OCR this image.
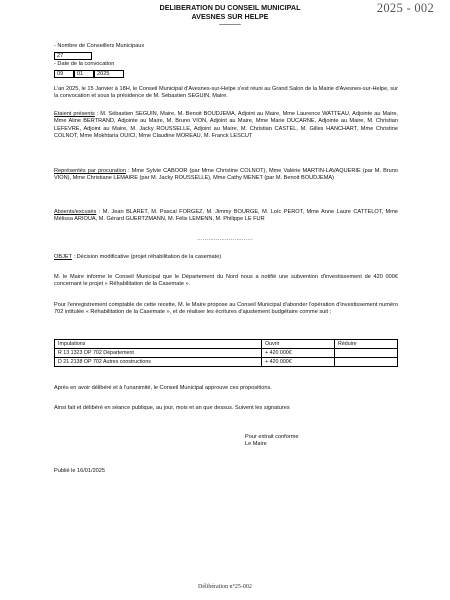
DELIBERATION DU CONSEIL MUNICIPAL
AVESNES SUR HELPE
———
2025 - 002
- Nombre de Conseillers Municipaux
27
- Date de la convocation
09	01	2025
L'an 2025, le 15 Janvier à 18H, le Conseil Municipal d'Avesnes-sur-Helpe s'est réuni au Grand Salon de la Mairie d'Avesnes-sur-Helpe, sur la convocation et sous la présidence de M. Sébastien SEGUIN, Maire.
Etaient présents : M. Sébastien SEGUIN, Maire, M. Benoit BOUDJEMA, Adjoint au Maire, Mme Laurence WATTEAU, Adjointe au Maire, Mme Aline BERTRAND, Adjointe au Maire, M. Bruno VION, Adjoint au Maire, Mme Marie DUCARNE, Adjointe au Maire, M. Christian LEFEVRE, Adjoint au Maire, M. Jacky ROUSSELLE, Adjoint au Maire, M. Christian CASTEL, M. Gilles HANCHART, Mme Christine COLNOT, Mme Mokhtaria OUICI, Mme Claudine MOREAU, M. Franck LESCUT
Représentés par procuration : Mme Sylvie CABOOR (par Mme Christine COLNOT), Mme Valérie MARTIN-LAVAQUERIE (par M. Bruno VION), Mme Christiane LEMAIRE (par M. Jacky ROUSSELLE), Mme Cathy MENET (par M. Benoit BOUDJEMA)
Absents/excusés : M. Jean BLARET, M. Pascal FORGEZ, M. Jimmy BOURGE, M. Loïc PEROT, Mme Anne Laure CATTELOT, Mme Mélissa ARIOUA, M. Gérard GUERTZMANN, M. Félix LEMENN, M. Philippe LE FUR
…………………………
OBJET : Décision modificative (projet réhabilitation de la casemate)
M. le Maire informe le Conseil Municipal que le Département du Nord nous a notifié une subvention d'investissement de 420 000€ concernant le projet « Réhabilitation de la Casemate ».
Pour l'enregistrement comptable de cette recette, M. le Maire propose au Conseil Municipal d'abonder l'opération d'investissement numéro 702 intitulée « Réhabilitation de la Casemate », et de réaliser les écritures d'ajustement budgétaire comme suit ;
Imputations	Ouvrir	Réduire
R 13 1323 OP 702 Département	+ 420 000€	
D 21 2138 OP 702 Autres constructions	+ 420 000€	
Après en avoir délibéré et à l'unanimité, le Conseil Municipal approuve ces propositions.
Ainsi fait et délibéré en séance publique, au jour, mois et an que dessus. Suivent les signatures
Pour extrait conforme
Le Maire
Publié le 16/01/2025
Délibération n°25-002
